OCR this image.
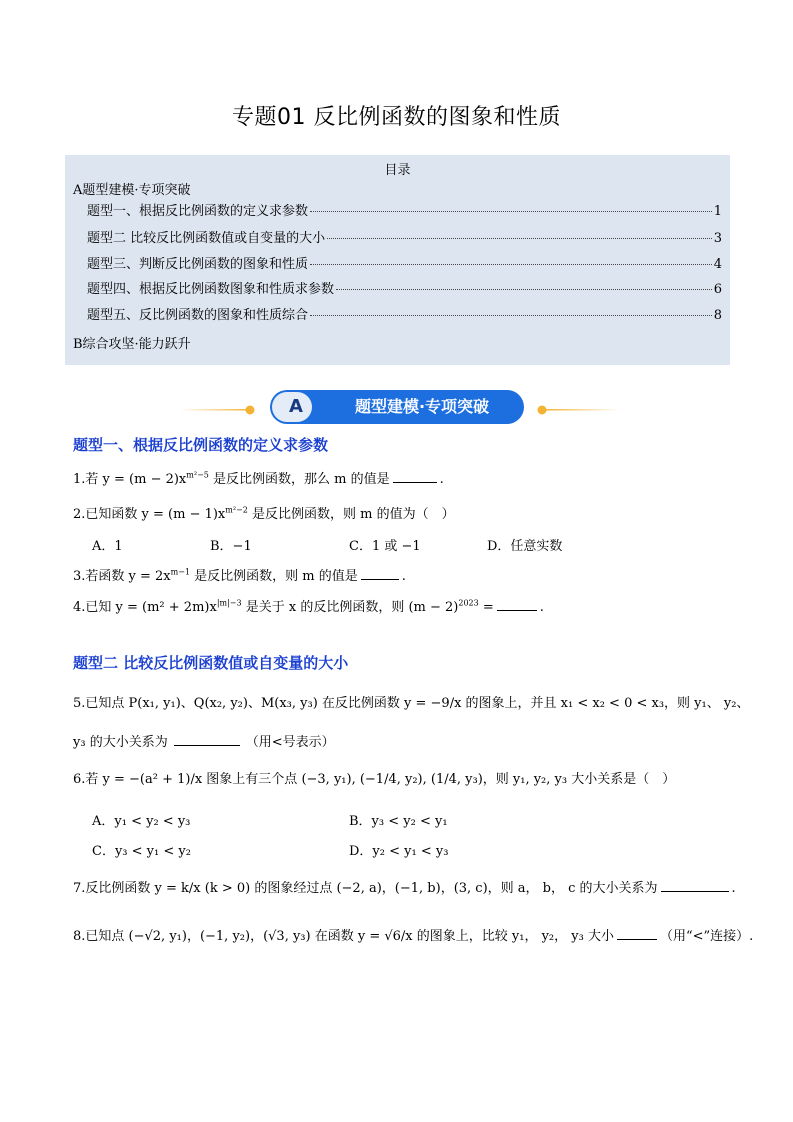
专题01 反比例函数的图象和性质
目录
A题型建模·专项突破
题型一、根据反比例函数的定义求参数	1
题型二 比较反比例函数值或自变量的大小	3
题型三、判断反比例函数的图象和性质	4
题型四、根据反比例函数图象和性质求参数	6
题型五、反比例函数的图象和性质综合	8
B综合攻坚·能力跃升
A	题型建模·专项突破
题型一、根据反比例函数的定义求参数
1.若 $y = (m - 2)x^{m^2-5}$ 是反比例函数，那么 m 的值是	.
2.已知函数 $y = (m - 1)x^{m^2-2}$ 是反比例函数，则 m 的值为（　）
A．1	B．−1	C．1 或 −1	D．任意实数
3.若函数 $y = 2x^{m-1}$ 是反比例函数，则 m 的值是	.
4.已知 $y = (m^2 + 2m)x^{|m|-3}$ 是关于 x 的反比例函数，则 $(m - 2)^{2023}$ =	.
题型二 比较反比例函数值或自变量的大小
5.已知点 P(x₁, y₁)、Q(x₂, y₂)、M(x₃, y₃) 在反比例函数 y = −9/x 的图象上，并且 x₁ < x₂ < 0 < x₃，则 y₁、 y₂、
y₃ 的大小关系为	（用<号表示）
6.若 y = −(a² + 1)/x 图象上有三个点 (−3, y₁), (−1/4, y₂), (1/4, y₃)，则 y₁, y₂, y₃ 大小关系是（　）
A．y₁ < y₂ < y₃	B．y₃ < y₂ < y₁
C．y₃ < y₁ < y₂	D．y₂ < y₁ < y₃
7.反比例函数 y = k/x (k > 0) 的图象经过点 (−2, a)，(−1, b)，(3, c)，则 a， b， c 的大小关系为	.
8.已知点 (−√2, y₁)，(−1, y₂)，(√3, y₃) 在函数 y = √6/x 的图象上，比较 y₁， y₂， y₃ 大小	（用“<”连接）.
